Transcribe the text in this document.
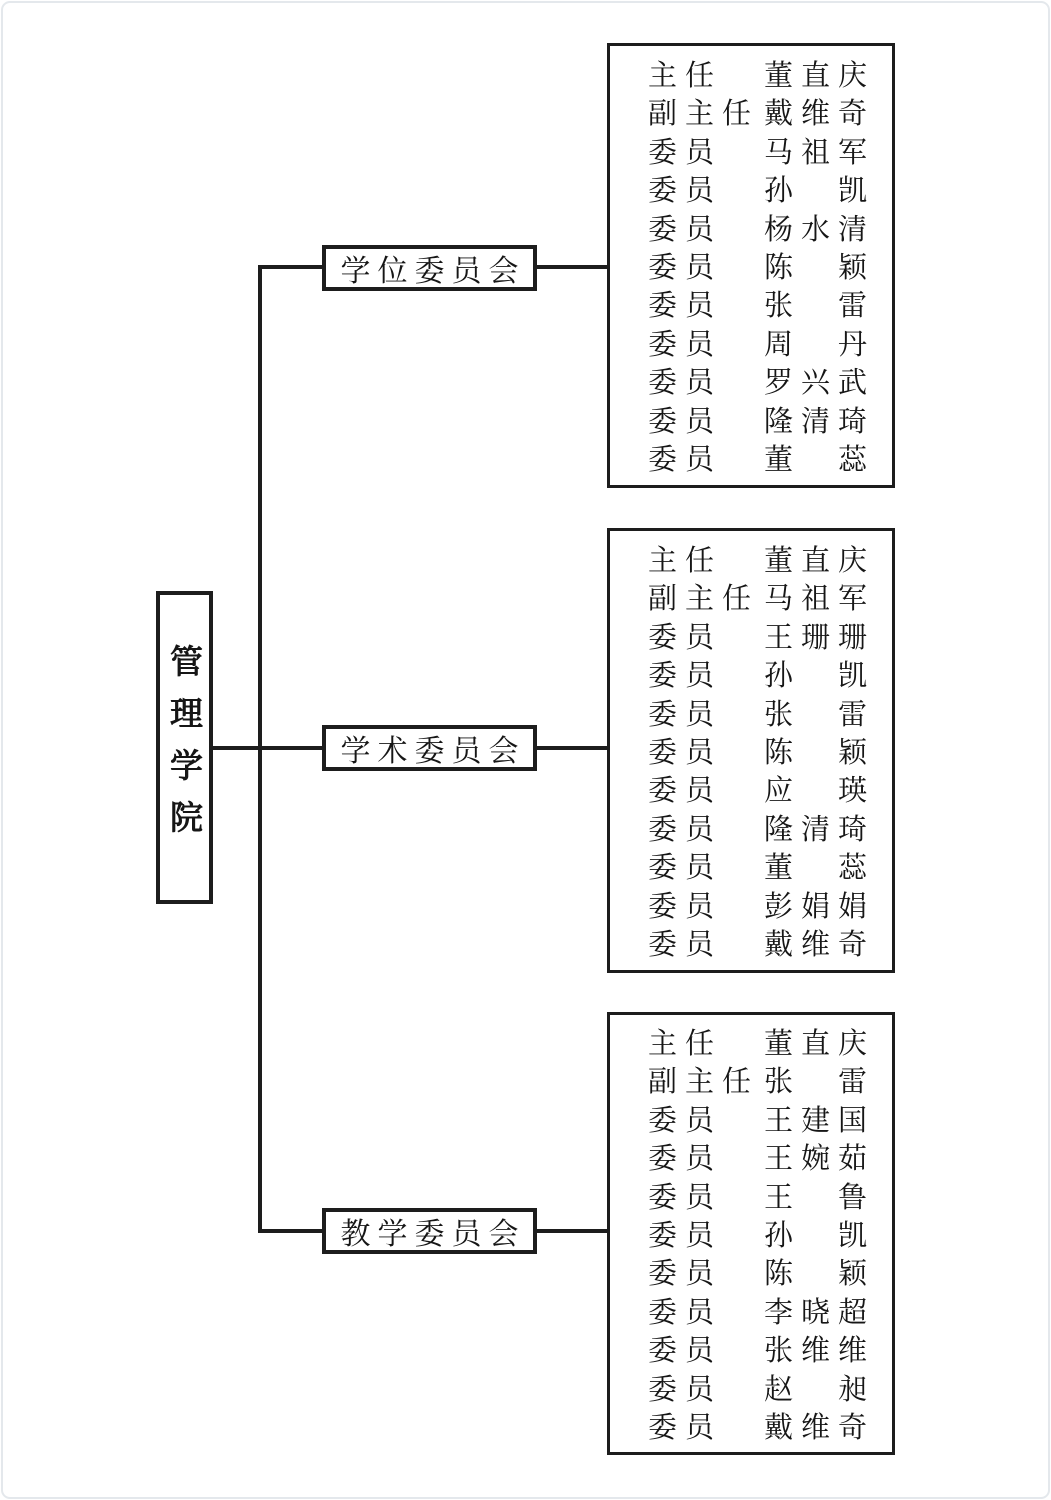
管理学院
学位委员会
学术委员会
教学委员会
主任	董直庆
副主任 戴维奇
委员	马祖军
委员	孙　凯
委员	杨水清
委员	陈　颖
委员	张　雷
委员	周　丹
委员	罗兴武
委员	隆清琦
委员	董　蕊
主任	董直庆
副主任 马祖军
委员	王珊珊
委员	孙　凯
委员	张　雷
委员	陈　颖
委员	应　瑛
委员	隆清琦
委员	董　蕊
委员	彭娟娟
委员	戴维奇
主任	董直庆
副主任 张　雷
委员	王建国
委员	王婉茹
委员	王　鲁
委员	孙　凯
委员	陈　颖
委员	李晓超
委员	张维维
委员	赵　昶
委员	戴维奇
